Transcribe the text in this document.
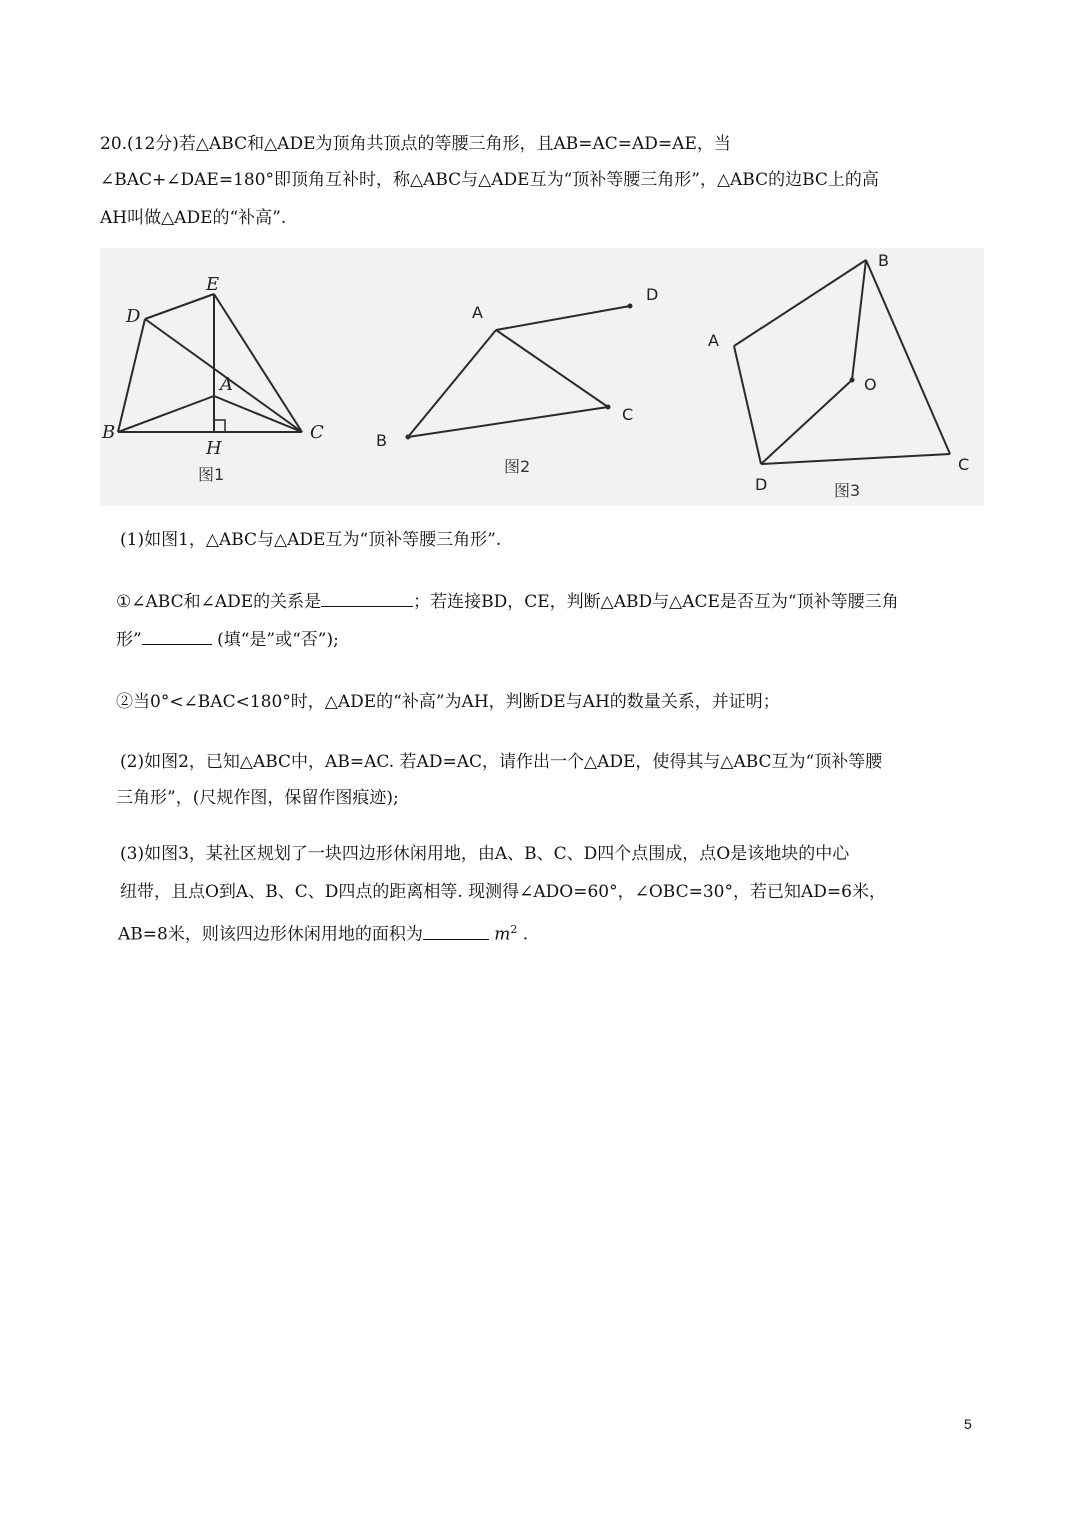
20.(12分)若△ABC和△ADE为顶角共顶点的等腰三角形，且AB=AC=AD=AE，当
∠BAC+∠DAE=180°即顶角互补时，称△ABC与△ADE互为“顶补等腰三角形”，△ABC的边BC上的高
AH叫做△ADE的“补高”.
E
D
A
B
H
C
图1
A
D
C
B
图2
B
A
O
C
D	图3
(1)如图1，△ABC与△ADE互为“顶补等腰三角形”.
①∠ABC和∠ADE的关系是	；若连接BD，CE，判断△ABD与△ACE是否互为“顶补等腰三角
形”	(填“是”或“否”);
②当0°<∠BAC<180°时，△ADE的“补高”为AH，判断DE与AH的数量关系，并证明；
(2)如图2，已知△ABC中，AB=AC. 若AD=AC，请作出一个△ADE，使得其与△ABC互为“顶补等腰
三角形”，(尺规作图，保留作图痕迹);
(3)如图3，某社区规划了一块四边形休闲用地，由A、B、C、D四个点围成，点O是该地块的中心
纽带，且点O到A、B、C、D四点的距离相等. 现测得∠ADO=60°，∠OBC=30°，若已知AD=6米，
AB=8米，则该四边形休闲用地的面积为	$m^2$ .
5
